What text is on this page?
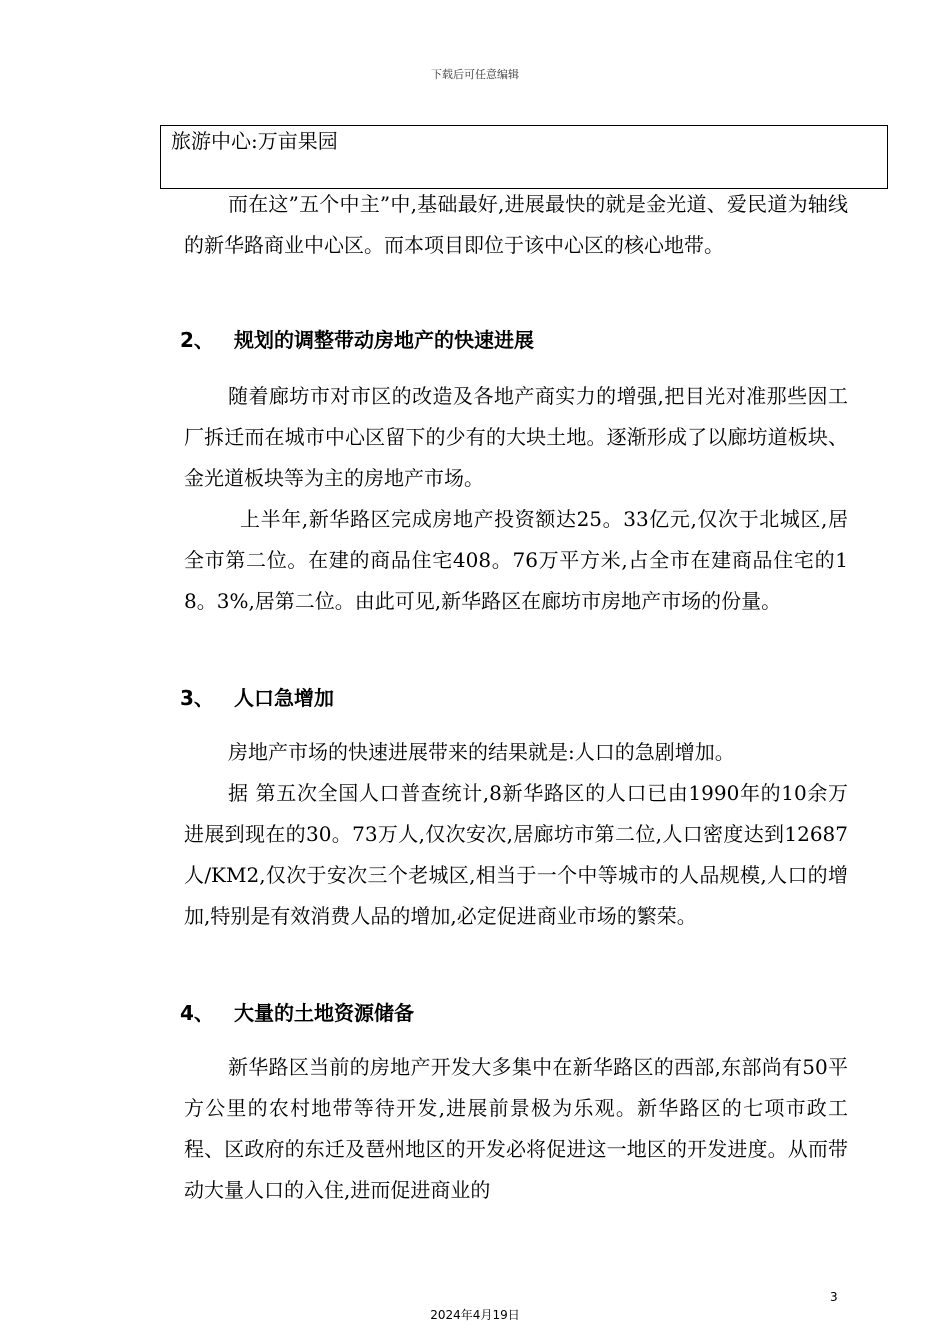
下载后可任意编辑
旅游中心:万亩果园
而在这”五个中主”中,基础最好,进展最快的就是金光道、爱民道为轴线的新华路商业中心区。而本项目即位于该中心区的核心地带。
2、 规划的调整带动房地产的快速进展
随着廊坊市对市区的改造及各地产商实力的增强,把目光对准那些因工厂拆迁而在城市中心区留下的少有的大块土地。逐渐形成了以廊坊道板块、金光道板块等为主的房地产市场。
上半年,新华路区完成房地产投资额达25。33亿元,仅次于北城区,居全市第二位。在建的商品住宅408。76万平方米,占全市在建商品住宅的18。3%,居第二位。由此可见,新华路区在廊坊市房地产市场的份量。
3、 人口急增加
房地产市场的快速进展带来的结果就是:人口的急剧增加。
据 第五次全国人口普查统计,8新华路区的人口已由1990年的10余万进展到现在的30。73万人,仅次安次,居廊坊市第二位,人口密度达到12687人/KM2,仅次于安次三个老城区,相当于一个中等城市的人品规模,人口的增加,特别是有效消费人品的增加,必定促进商业市场的繁荣。
4、 大量的土地资源储备
新华路区当前的房地产开发大多集中在新华路区的西部,东部尚有50平方公里的农村地带等待开发,进展前景极为乐观。新华路区的七项市政工程、区政府的东迁及琶州地区的开发必将促进这一地区的开发进度。从而带动大量人口的入住,进而促进商业的
3
2024年4月19日
